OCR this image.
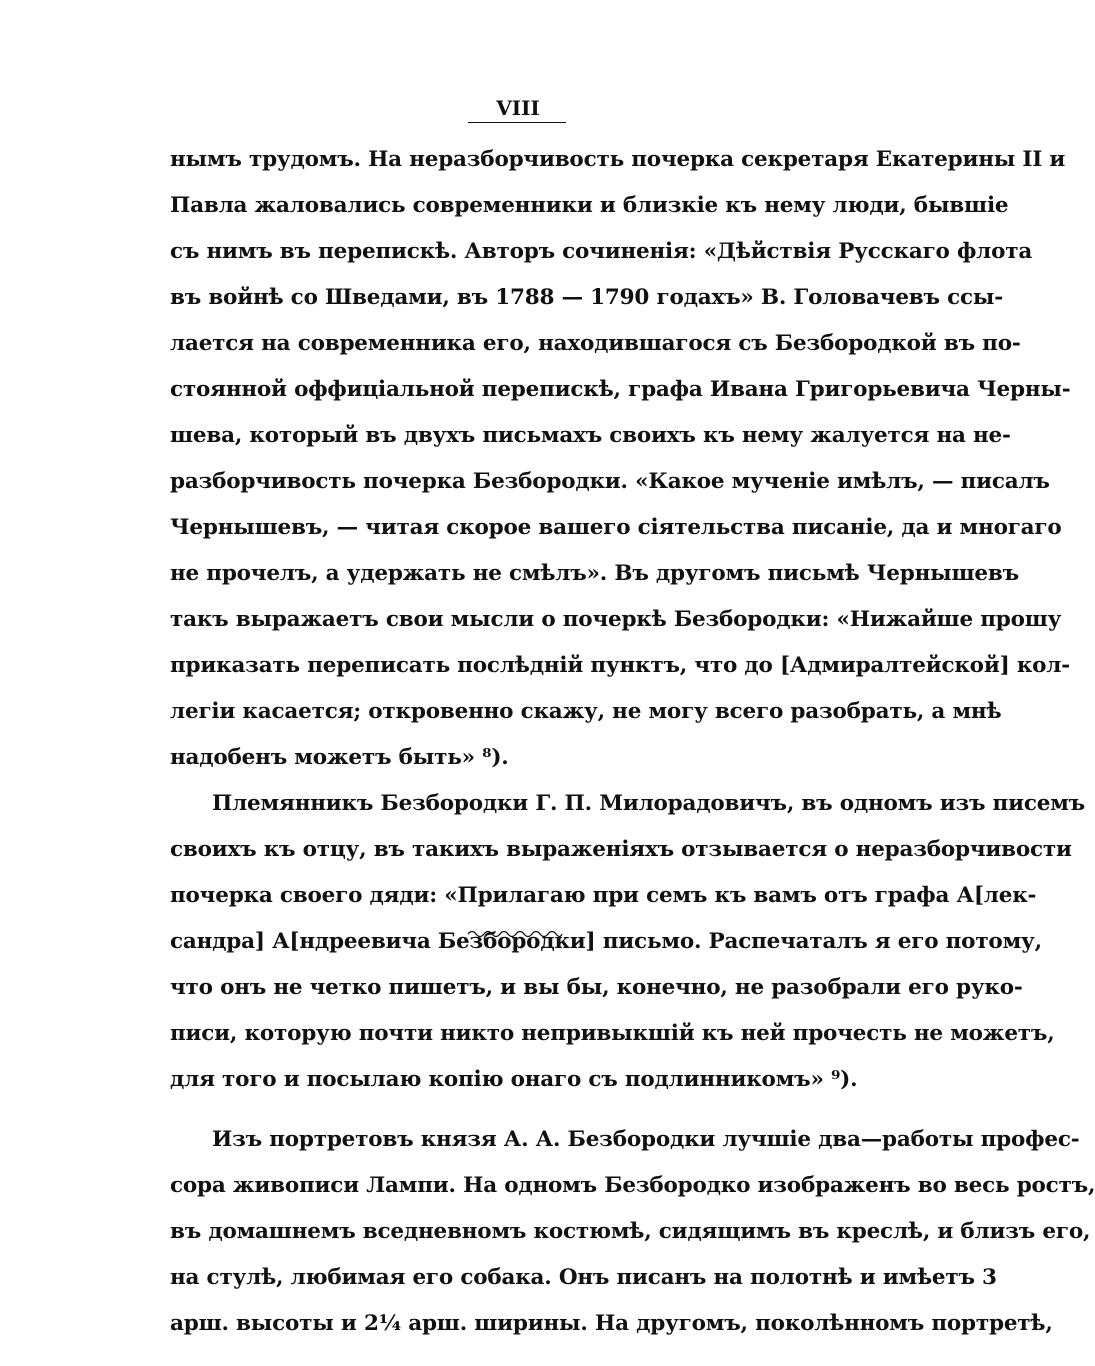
VIII
нымъ трудомъ. На неразборчивость почерка секретаря Екатерины II и
Павла жаловались современники и близкіе къ нему люди, бывшіе
съ нимъ въ перепискѣ. Авторъ сочиненія: «Дѣйствія Русскаго флота
въ войнѣ со Шведами, въ 1788 — 1790 годахъ» В. Головачевъ ссы-
лается на современника его, находившагося съ Безбородкой въ по-
стоянной оффиціальной перепискѣ, графа Ивана Григорьевича Черны-
шева, который въ двухъ письмахъ своихъ къ нему жалуется на не-
разборчивость почерка Безбородки. «Какое мученіе имѣлъ, — писалъ
Чернышевъ, — читая скорое вашего сіятельства писаніе, да и многаго
не прочелъ, а удержать не смѣлъ». Въ другомъ письмѣ Чернышевъ
такъ выражаетъ свои мысли о почеркѣ Безбородки: «Нижайше прошу
приказать переписать послѣдній пунктъ, что до [Адмиралтейской] кол-
легіи касается; откровенно скажу, не могу всего разобрать, а мнѣ
надобенъ можетъ быть» ⁸).
Племянникъ Безбородки Г. П. Милорадовичъ, въ одномъ изъ писемъ
своихъ къ отцу, въ такихъ выраженіяхъ отзывается о неразборчивости
почерка своего дяди: «Прилагаю при семъ къ вамъ отъ графа А[лек-
сандра] А[ндреевича Безбородки] письмо. Распечаталъ я его потому,
что онъ не четко пишетъ, и вы бы, конечно, не разобрали его руко-
писи, которую почти никто непривыкшій къ ней прочесть не можетъ,
для того и посылаю копію онаго съ подлинникомъ» ⁹).
Изъ портретовъ князя А. А. Безбородки лучшіе два—работы профес-
сора живописи Лампи. На одномъ Безбородко изображенъ во весь ростъ,
въ домашнемъ вседневномъ костюмѣ, сидящимъ въ креслѣ, и близъ его,
на стулѣ, любимая его собака. Онъ писанъ на полотнѣ и имѣетъ 3
арш. высоты и 2¼ арш. ширины. На другомъ, поколѣнномъ портретѣ,
